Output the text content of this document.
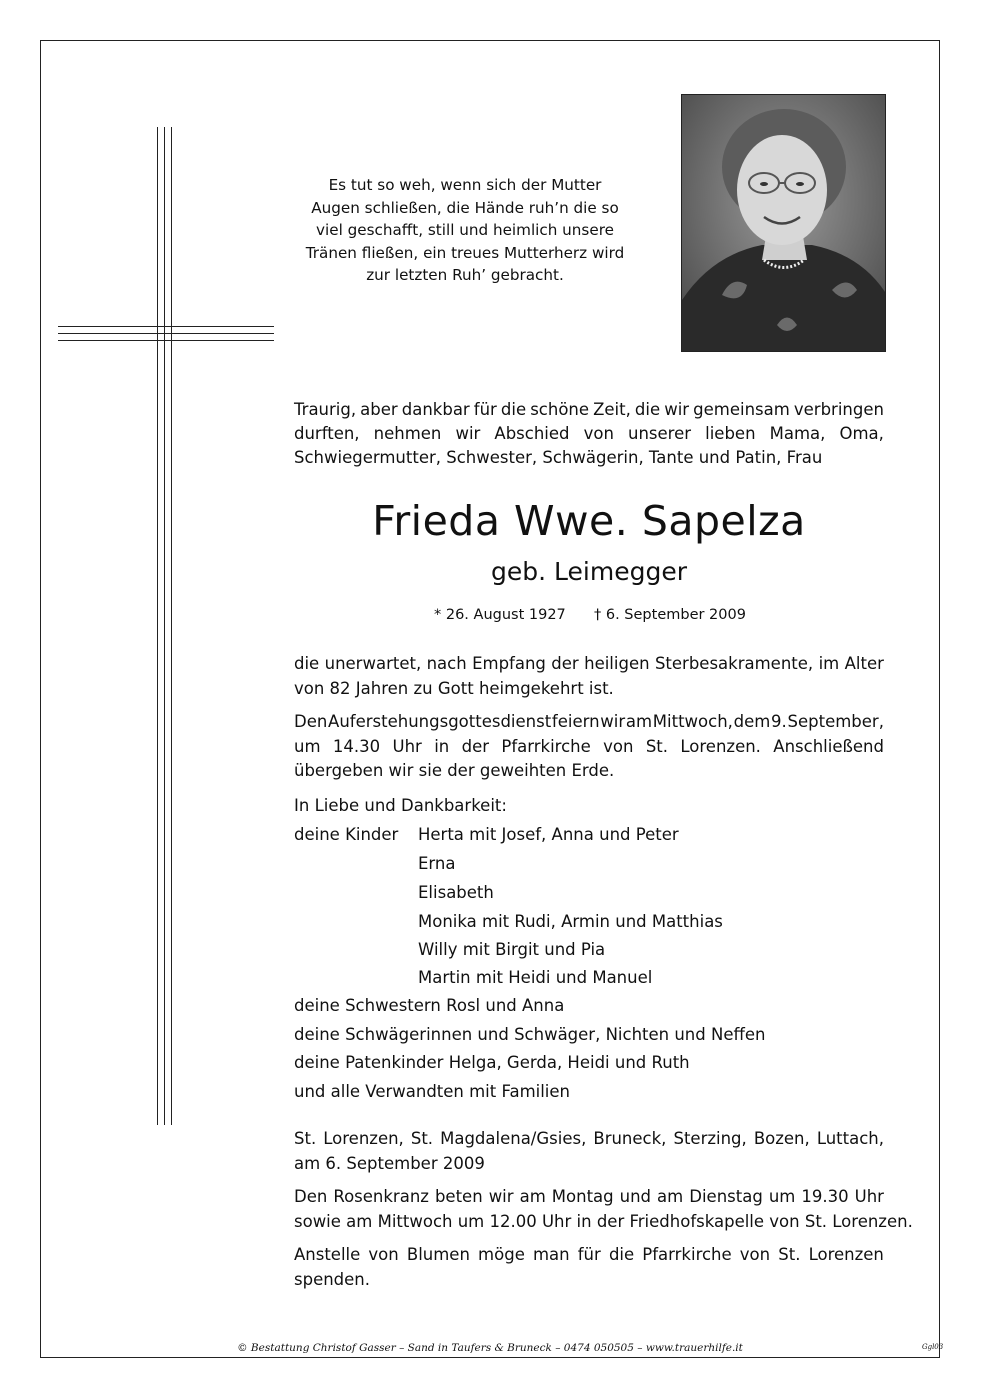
Es tut so weh, wenn sich der Mutter
Augen schließen, die Hände ruh’n die so
viel geschafft, still und heimlich unsere
Tränen fließen, ein treues Mutterherz wird
zur letzten Ruh’ gebracht.
Traurig, aber dankbar für die schöne Zeit, die wir gemeinsam verbringen
durften, nehmen wir Abschied von unserer lieben Mama, Oma,
Schwiegermutter, Schwester, Schwägerin, Tante und Patin, Frau
Frieda Wwe. Sapelza
geb. Leimegger
* 26. August 1927 † 6. September 2009
die unerwartet, nach Empfang der heiligen Sterbesakramente, im Alter
von 82 Jahren zu Gott heimgekehrt ist.
Den Auferstehungsgottesdienst feiern wir am Mittwoch, dem 9. September,
um 14.30 Uhr in der Pfarrkirche von St. Lorenzen. Anschließend
übergeben wir sie der geweihten Erde.
In Liebe und Dankbarkeit:
deine Kinder Herta mit Josef, Anna und Peter
Erna
Elisabeth
Monika mit Rudi, Armin und Matthias
Willy mit Birgit und Pia
Martin mit Heidi und Manuel
deine Schwestern Rosl und Anna
deine Schwägerinnen und Schwäger, Nichten und Neffen
deine Patenkinder Helga, Gerda, Heidi und Ruth
und alle Verwandten mit Familien
St. Lorenzen, St. Magdalena/Gsies, Bruneck, Sterzing, Bozen, Luttach,
am 6. September 2009
Den Rosenkranz beten wir am Montag und am Dienstag um 19.30 Uhr
sowie am Mittwoch um 12.00 Uhr in der Friedhofskapelle von St. Lorenzen.
Anstelle von Blumen möge man für die Pfarrkirche von St. Lorenzen
spenden.
© Bestattung Christof Gasser – Sand in Taufers & Bruneck – 0474 050505 – www.trauerhilfe.it	Ggl03
